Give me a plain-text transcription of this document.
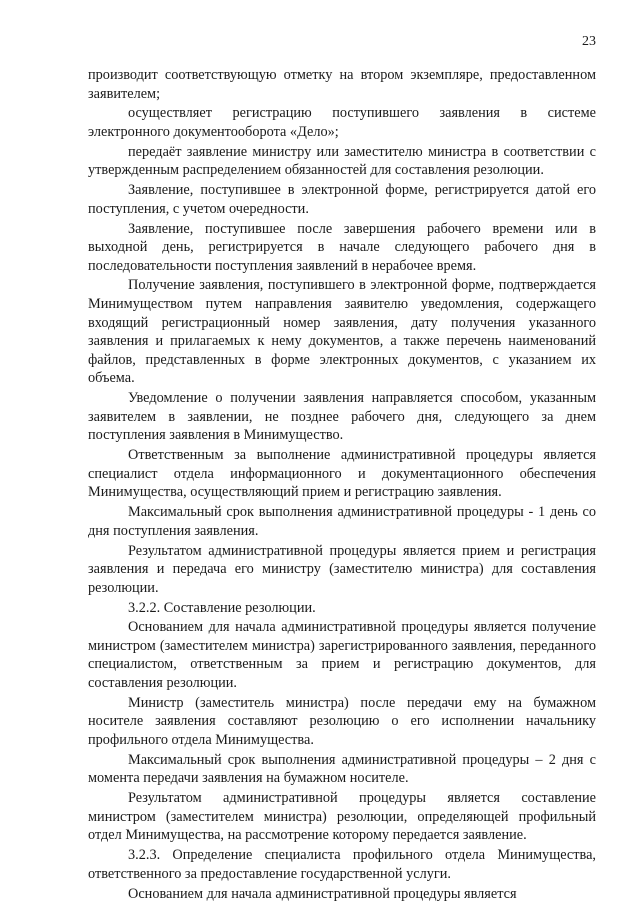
23

производит соответствующую отметку на втором экземпляре, предоставленном заявителем;

осуществляет регистрацию поступившего заявления в системе электронного документооборота «Дело»;

передаёт заявление министру или заместителю министра в соответствии с утвержденным распределением обязанностей для составления резолюции.

Заявление, поступившее в электронной форме, регистрируется датой его поступления, с учетом очередности.

Заявление, поступившее после завершения рабочего времени или в выходной день, регистрируется в начале следующего рабочего дня в последовательности поступления заявлений в нерабочее время.

Получение заявления, поступившего в электронной форме, подтверждается Минимуществом путем направления заявителю уведомления, содержащего входящий регистрационный номер заявления, дату получения указанного заявления и прилагаемых к нему документов, а также перечень наименований файлов, представленных в форме электронных документов, с указанием их объема.

Уведомление о получении заявления направляется способом, указанным заявителем в заявлении, не позднее рабочего дня, следующего за днем поступления заявления в Минимущество.

Ответственным за выполнение административной процедуры является специалист отдела информационного и документационного обеспечения Минимущества, осуществляющий прием и регистрацию заявления.

Максимальный срок выполнения административной процедуры - 1 день со дня поступления заявления.

Результатом административной процедуры является прием и регистрация заявления и передача его министру (заместителю министра) для составления резолюции.

3.2.2. Составление резолюции.

Основанием для начала административной процедуры является получение министром (заместителем министра) зарегистрированного заявления, переданного специалистом, ответственным за прием и регистрацию документов, для составления резолюции.

Министр (заместитель министра) после передачи ему на бумажном носителе заявления составляют резолюцию о его исполнении начальнику профильного отдела Минимущества.

Максимальный срок выполнения административной процедуры – 2 дня с момента передачи заявления на бумажном носителе.

Результатом административной процедуры является составление министром (заместителем министра) резолюции, определяющей профильный отдел Минимущества, на рассмотрение которому передается заявление.

3.2.3. Определение специалиста профильного отдела Минимущества, ответственного за предоставление государственной услуги.

Основанием для начала административной процедуры является
